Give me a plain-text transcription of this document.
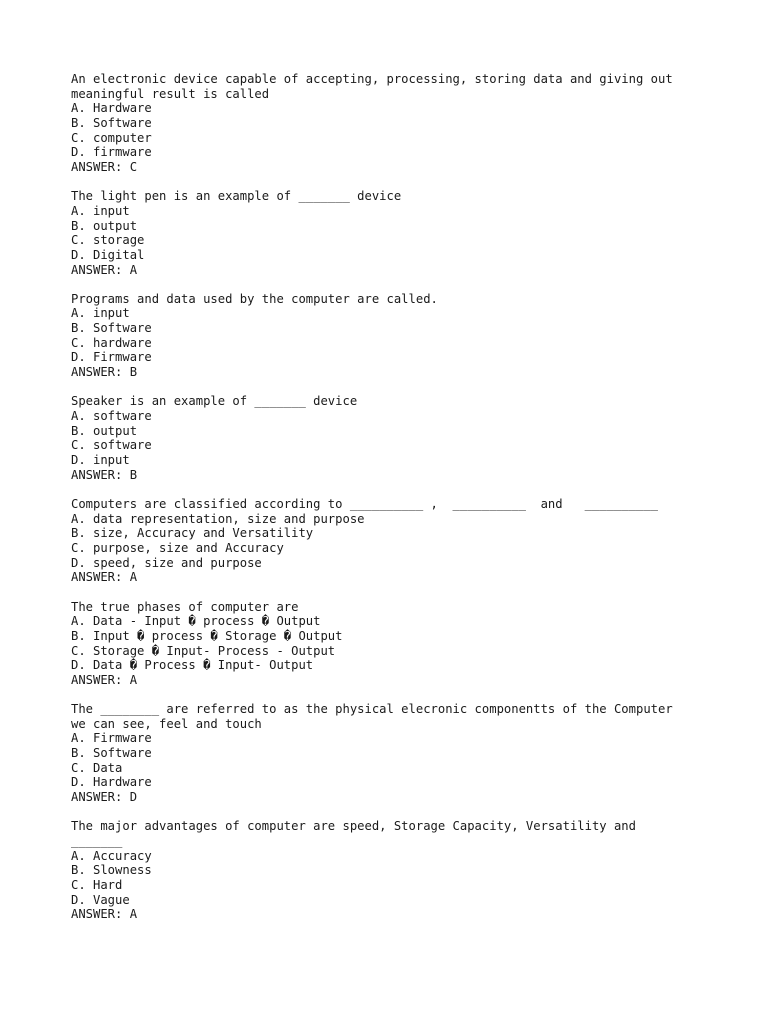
An electronic device capable of accepting, processing, storing data and giving out
meaningful result is called
A. Hardware
B. Software
C. computer
D. firmware
ANSWER: C
The light pen is an example of _______ device
A. input
B. output
C. storage
D. Digital
ANSWER: A
Programs and data used by the computer are called.
A. input
B. Software
C. hardware
D. Firmware
ANSWER: B
Speaker is an example of _______ device
A. software
B. output
C. software
D. input
ANSWER: B
Computers are classified according to __________ ,  __________  and   __________
A. data representation, size and purpose
B. size, Accuracy and Versatility
C. purpose, size and Accuracy
D. speed, size and purpose
ANSWER: A
The true phases of computer are
A. Data - Input � process � Output
B. Input � process � Storage � Output
C. Storage � Input- Process - Output
D. Data � Process � Input- Output
ANSWER: A
The ________ are referred to as the physical elecronic componentts of the Computer
we can see, feel and touch
A. Firmware
B. Software
C. Data
D. Hardware
ANSWER: D
The major advantages of computer are speed, Storage Capacity, Versatility and
_______
A. Accuracy
B. Slowness
C. Hard
D. Vague
ANSWER: A
